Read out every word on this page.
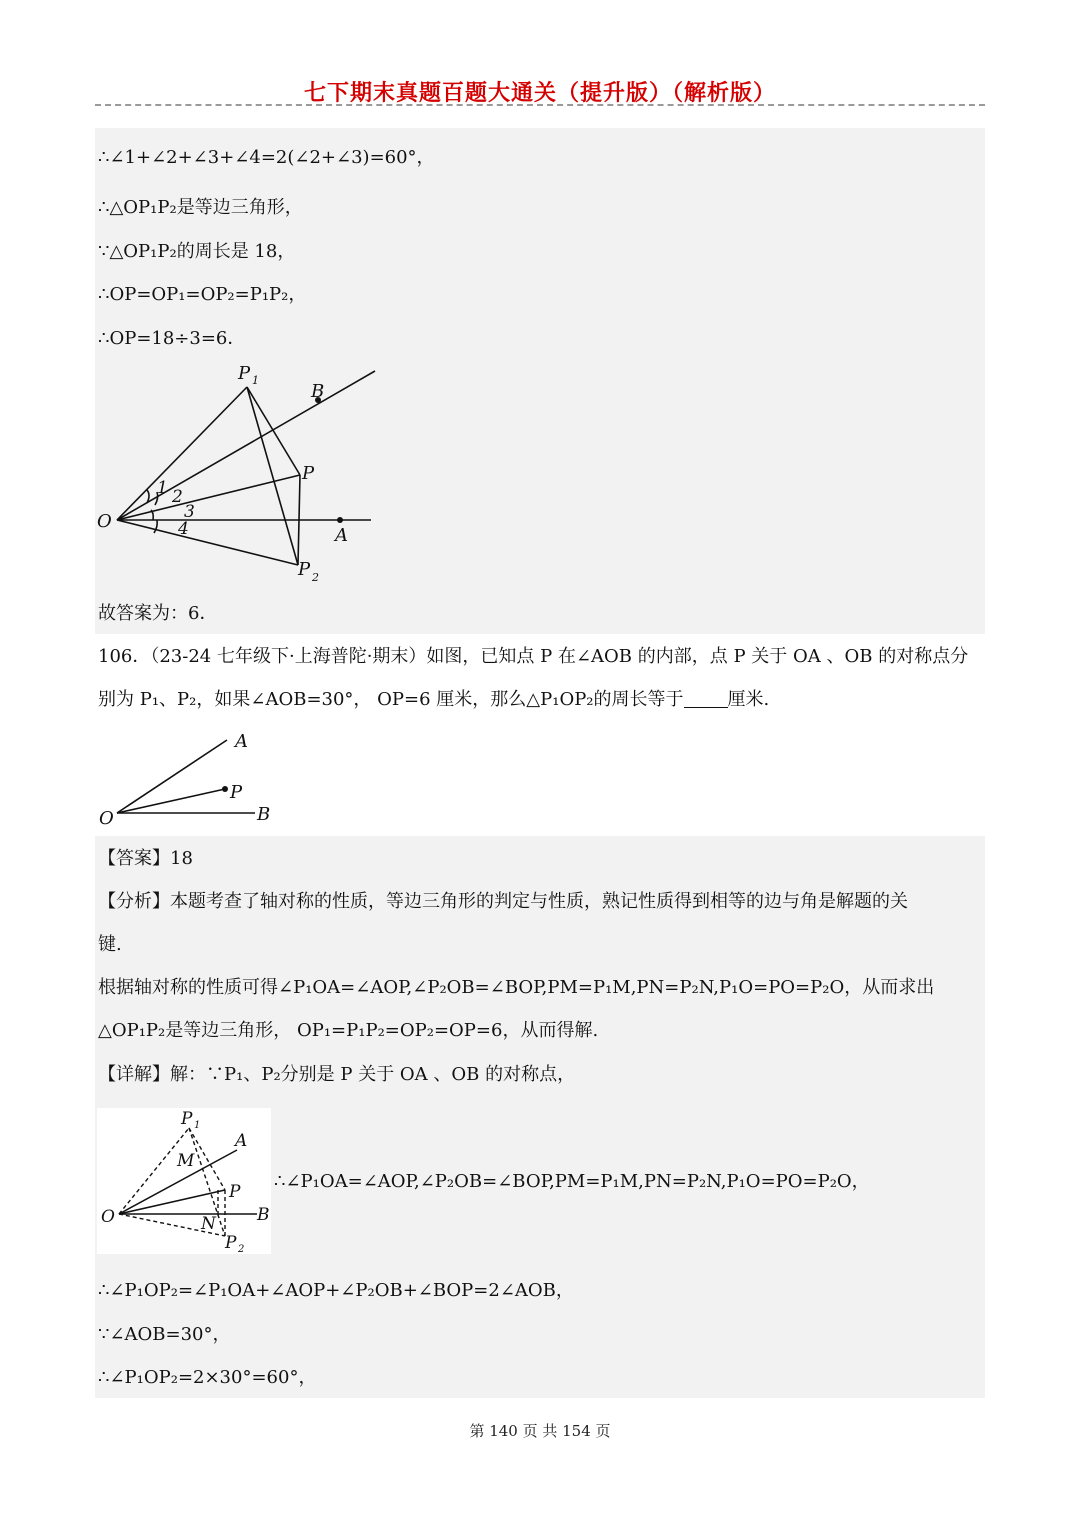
七下期末真题百题大通关（提升版）（解析版）
∴∠1+∠2+∠3+∠4=2(∠2+∠3)=60°，
∴△OP₁P₂是等边三角形，
∵△OP₁P₂的周长是 18，
∴OP=OP₁=OP₂=P₁P₂，
∴OP=18÷3=6．
P 1
B
P
O
A
P 2
1 2
3
4
故答案为：6．
106．（23-24 七年级下·上海普陀·期末）如图，已知点 P 在∠AOB 的内部，点 P 关于 OA 、OB 的对称点分
别为 P₁、P₂，如果∠AOB=30°， OP=6 厘米，那么△P₁OP₂的周长等于 厘米.
A
P
O	B
【答案】18
【分析】本题考查了轴对称的性质，等边三角形的判定与性质，熟记性质得到相等的边与角是解题的关
键.
根据轴对称的性质可得∠P₁OA=∠AOP,∠P₂OB=∠BOP,PM=P₁M,PN=P₂N,P₁O=PO=P₂O，从而求出
△OP₁P₂是等边三角形， OP₁=P₁P₂=OP₂=OP=6，从而得解.
【详解】解：∵P₁、P₂分别是 P 关于 OA 、OB 的对称点，
P 1
A
M
P
O	N B
P 2
∴∠P₁OA=∠AOP,∠P₂OB=∠BOP,PM=P₁M,PN=P₂N,P₁O=PO=P₂O，
∴∠P₁OP₂=∠P₁OA+∠AOP+∠P₂OB+∠BOP=2∠AOB，
∵∠AOB=30°，
∴∠P₁OP₂=2×30°=60°，
第 140 页 共 154 页
